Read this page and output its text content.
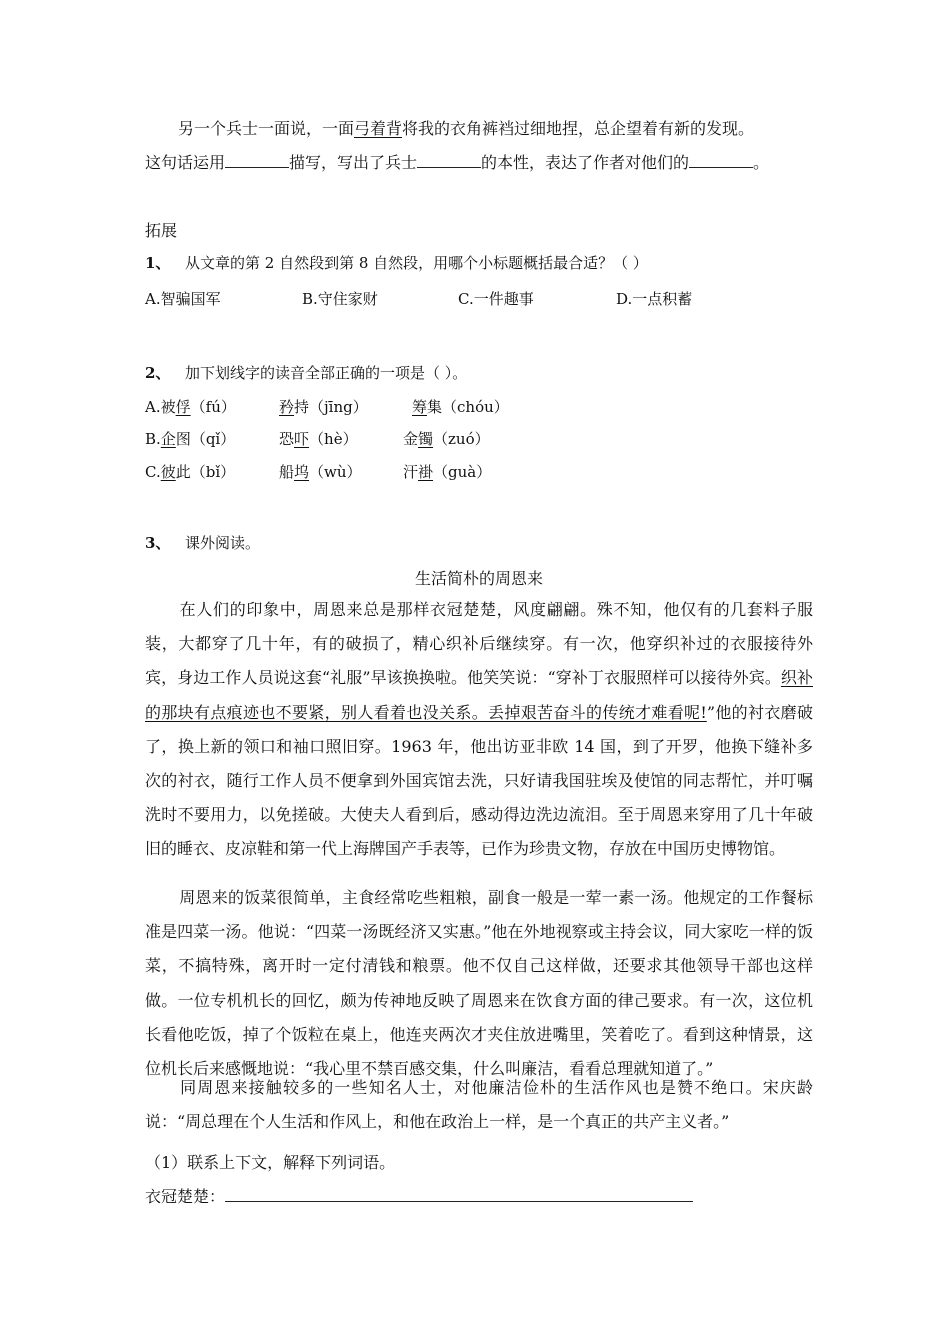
另一个兵士一面说，一面弓着背将我的衣角裤裆过细地捏，总企望着有新的发现。
这句话运用	描写，写出了兵士	的本性，表达了作者对他们的	。
拓展
1、 从文章的第 2 自然段到第 8 自然段，用哪个小标题概括最合适？（ ）
A.智骗国军	B.守住家财	C.一件趣事	D.一点积蓄
2、 加下划线字的读音全部正确的一项是（ ）。
A.被俘（fú）	矜持（jīng）	筹集（chóu）
B.企图（qǐ）	恐吓（hè）	金镯（zuó）
C.彼此（bǐ）	船坞（wù）	汗褂（guà）
3、 课外阅读。
生活简朴的周恩来
在人们的印象中，周恩来总是那样衣冠楚楚，风度翩翩。殊不知，他仅有的几套料子服装，大都穿了几十年，有的破损了，精心织补后继续穿。有一次，他穿织补过的衣服接待外宾，身边工作人员说这套“礼服”早该换换啦。他笑笑说：“穿补丁衣服照样可以接待外宾。织补的那块有点痕迹也不要紧，别人看着也没关系。丢掉艰苦奋斗的传统才难看呢!”他的衬衣磨破了，换上新的领口和袖口照旧穿。1963 年，他出访亚非欧 14 国，到了开罗，他换下缝补多次的衬衣，随行工作人员不便拿到外国宾馆去洗，只好请我国驻埃及使馆的同志帮忙，并叮嘱洗时不要用力，以免搓破。大使夫人看到后，感动得边洗边流泪。至于周恩来穿用了几十年破旧的睡衣、皮凉鞋和第一代上海牌国产手表等，已作为珍贵文物，存放在中国历史博物馆。
周恩来的饭菜很简单，主食经常吃些粗粮，副食一般是一荤一素一汤。他规定的工作餐标准是四菜一汤。他说：“四菜一汤既经济又实惠。”他在外地视察或主持会议，同大家吃一样的饭菜，不搞特殊，离开时一定付清钱和粮票。他不仅自己这样做，还要求其他领导干部也这样做。一位专机机长的回忆，颇为传神地反映了周恩来在饮食方面的律己要求。有一次，这位机长看他吃饭，掉了个饭粒在桌上，他连夹两次才夹住放进嘴里，笑着吃了。看到这种情景，这位机长后来感慨地说：“我心里不禁百感交集，什么叫廉洁，看看总理就知道了。”
同周恩来接触较多的一些知名人士，对他廉洁俭朴的生活作风也是赞不绝口。宋庆龄说：“周总理在个人生活和作风上，和他在政治上一样，是一个真正的共产主义者。”
（1）联系上下文，解释下列词语。
衣冠楚楚：
